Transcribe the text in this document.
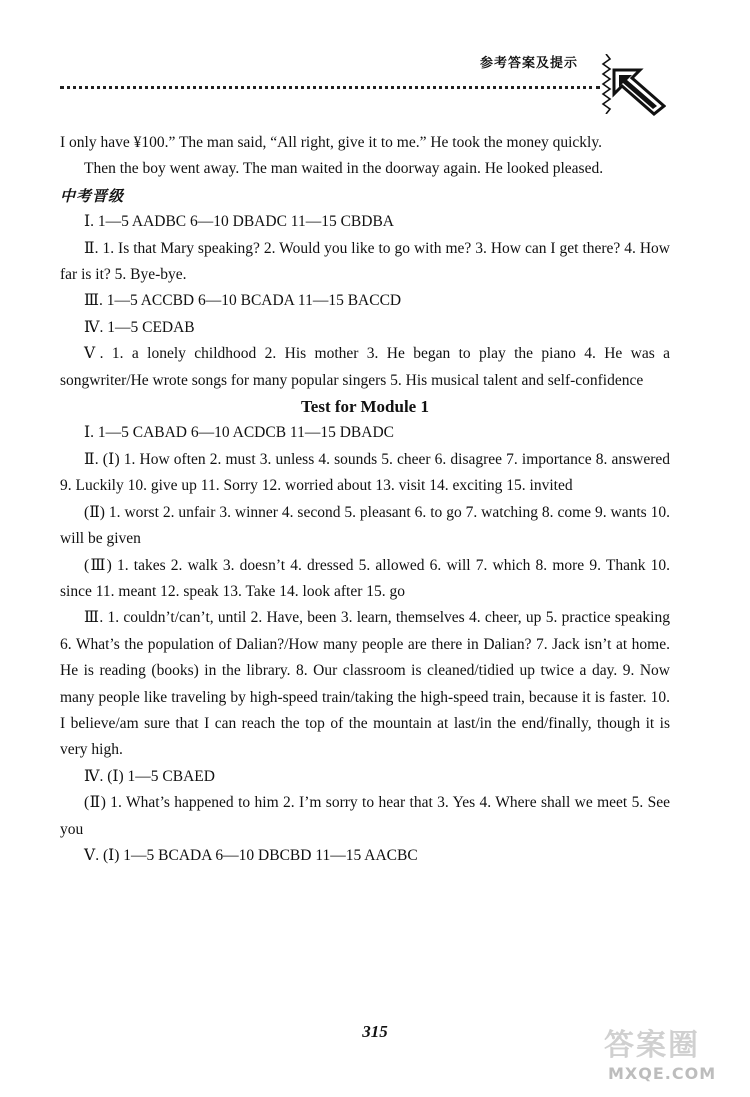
参考答案及提示

I only have ¥100.” The man said, “All right, give it to me.” He took the money quickly.

Then the boy went away. The man waited in the doorway again. He looked pleased.

中考晋级

Ⅰ. 1—5 AADBC 6—10 DBADC 11—15 CBDBA

Ⅱ. 1. Is that Mary speaking? 2. Would you like to go with me? 3. How can I get there? 4. How far is it? 5. Bye-bye.

Ⅲ. 1—5 ACCBD 6—10 BCADA 11—15 BACCD

Ⅳ. 1—5 CEDAB

Ⅴ. 1. a lonely childhood 2. His mother 3. He began to play the piano 4. He was a songwriter/He wrote songs for many popular singers 5. His musical talent and self-confidence

Test for Module 1

Ⅰ. 1—5 CABAD 6—10 ACDCB 11—15 DBADC

Ⅱ. (Ⅰ) 1. How often 2. must 3. unless 4. sounds 5. cheer 6. disagree 7. importance 8. answered 9. Luckily 10. give up 11. Sorry 12. worried about 13. visit 14. exciting 15. invited

(Ⅱ) 1. worst 2. unfair 3. winner 4. second 5. pleasant 6. to go 7. watching 8. come 9. wants 10. will be given

(Ⅲ) 1. takes 2. walk 3. doesn’t 4. dressed 5. allowed 6. will 7. which 8. more 9. Thank 10. since 11. meant 12. speak 13. Take 14. look after 15. go

Ⅲ. 1. couldn’t/can’t, until 2. Have, been 3. learn, themselves 4. cheer, up 5. practice speaking 6. What’s the population of Dalian?/How many people are there in Dalian? 7. Jack isn’t at home. He is reading (books) in the library. 8. Our classroom is cleaned/tidied up twice a day. 9. Now many people like traveling by high-speed train/taking the high-speed train, because it is faster. 10. I believe/am sure that I can reach the top of the mountain at last/in the end/finally, though it is very high.

Ⅳ. (Ⅰ) 1—5 CBAED

(Ⅱ) 1. What’s happened to him 2. I’m sorry to hear that 3. Yes 4. Where shall we meet 5. See you

Ⅴ. (Ⅰ) 1—5 BCADA 6—10 DBCBD 11—15 AACBC

315	答案圈
MXQE.COM
